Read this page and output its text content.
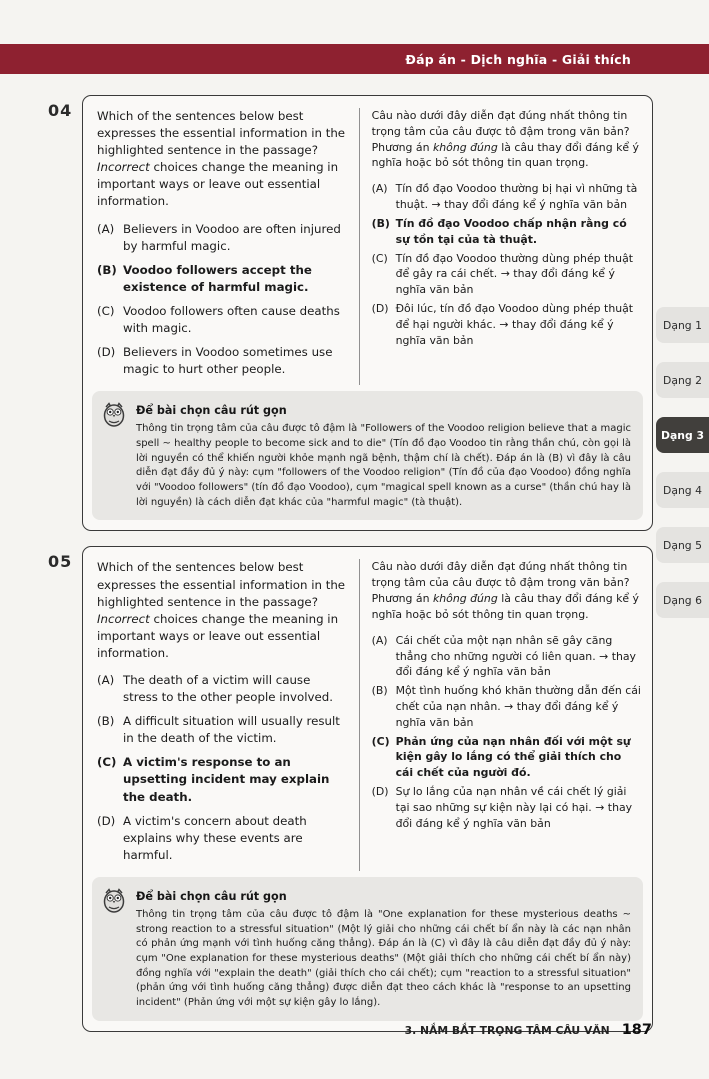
Đáp án - Dịch nghĩa - Giải thích
Dạng 1
Dạng 2
Dạng 3
Dạng 4
Dạng 5
Dạng 6
04 Which of the sentences below best expresses the essential information in the highlighted sentence in the passage? Incorrect choices change the meaning in important ways or leave out essential information.

(A) Believers in Voodoo are often injured by harmful magic.
(B) Voodoo followers accept the existence of harmful magic.
(C) Voodoo followers often cause deaths with magic.
(D) Believers in Voodoo sometimes use magic to hurt other people.

Câu nào dưới đây diễn đạt đúng nhất thông tin trọng tâm của câu được tô đậm trong văn bản? Phương án không đúng là câu thay đổi đáng kể ý nghĩa hoặc bỏ sót thông tin quan trọng.

(A) Tín đồ đạo Voodoo thường bị hại vì những tà thuật. → thay đổi đáng kể ý nghĩa văn bản
(B) Tín đồ đạo Voodoo chấp nhận rằng có sự tồn tại của tà thuật.
(C) Tín đồ đạo Voodoo thường dùng phép thuật để gây ra cái chết. → thay đổi đáng kể ý nghĩa văn bản
(D) Đôi lúc, tín đồ đạo Voodoo dùng phép thuật để hại người khác. → thay đổi đáng kể ý nghĩa văn bản
Để bài chọn câu rút gọn

Thông tin trọng tâm của câu được tô đậm là "Followers of the Voodoo religion believe that a magic spell ~ healthy people to become sick and to die" (Tín đồ đạo Voodoo tin rằng thần chú, còn gọi là lời nguyền có thể khiến người khỏe mạnh ngã bệnh, thậm chí là chết). Đáp án là (B) vì đây là câu diễn đạt đầy đủ ý này: cụm "followers of the Voodoo religion" (Tín đồ của đạo Voodoo) đồng nghĩa với "Voodoo followers" (tín đồ đạo Voodoo), cụm "magical spell known as a curse" (thần chú hay là lời nguyền) là cách diễn đạt khác của "harmful magic" (tà thuật).

05 Which of the sentences below best expresses the essential information in the highlighted sentence in the passage? Incorrect choices change the meaning in important ways or leave out essential information.

(A) The death of a victim will cause stress to the other people involved.
(B) A difficult situation will usually result in the death of the victim.
(C) A victim's response to an upsetting incident may explain the death.
(D) A victim's concern about death explains why these events are harmful.

Câu nào dưới đây diễn đạt đúng nhất thông tin trọng tâm của câu được tô đậm trong văn bản? Phương án không đúng là câu thay đổi đáng kể ý nghĩa hoặc bỏ sót thông tin quan trọng.

(A) Cái chết của một nạn nhân sẽ gây căng thẳng cho những người có liên quan. → thay đổi đáng kể ý nghĩa văn bản
(B) Một tình huống khó khăn thường dẫn đến cái chết của nạn nhân. → thay đổi đáng kể ý nghĩa văn bản
(C) Phản ứng của nạn nhân đối với một sự kiện gây lo lắng có thể giải thích cho cái chết của người đó.
(D) Sự lo lắng của nạn nhân về cái chết lý giải tại sao những sự kiện này lại có hại. → thay đổi đáng kể ý nghĩa văn bản
Để bài chọn câu rút gọn

Thông tin trọng tâm của câu được tô đậm là "One explanation for these mysterious deaths ~ strong reaction to a stressful situation" (Một lý giải cho những cái chết bí ẩn này là các nạn nhân có phản ứng mạnh với tình huống căng thẳng). Đáp án là (C) vì đây là câu diễn đạt đầy đủ ý này: cụm "One explanation for these mysterious deaths" (Một giải thích cho những cái chết bí ẩn này) đồng nghĩa với "explain the death" (giải thích cho cái chết); cụm "reaction to a stressful situation" (phản ứng với tình huống căng thẳng) được diễn đạt theo cách khác là "response to an upsetting incident" (Phản ứng với một sự kiện gây lo lắng).

3. NẮM BẮT TRỌNG TÂM CÂU VĂN 187
